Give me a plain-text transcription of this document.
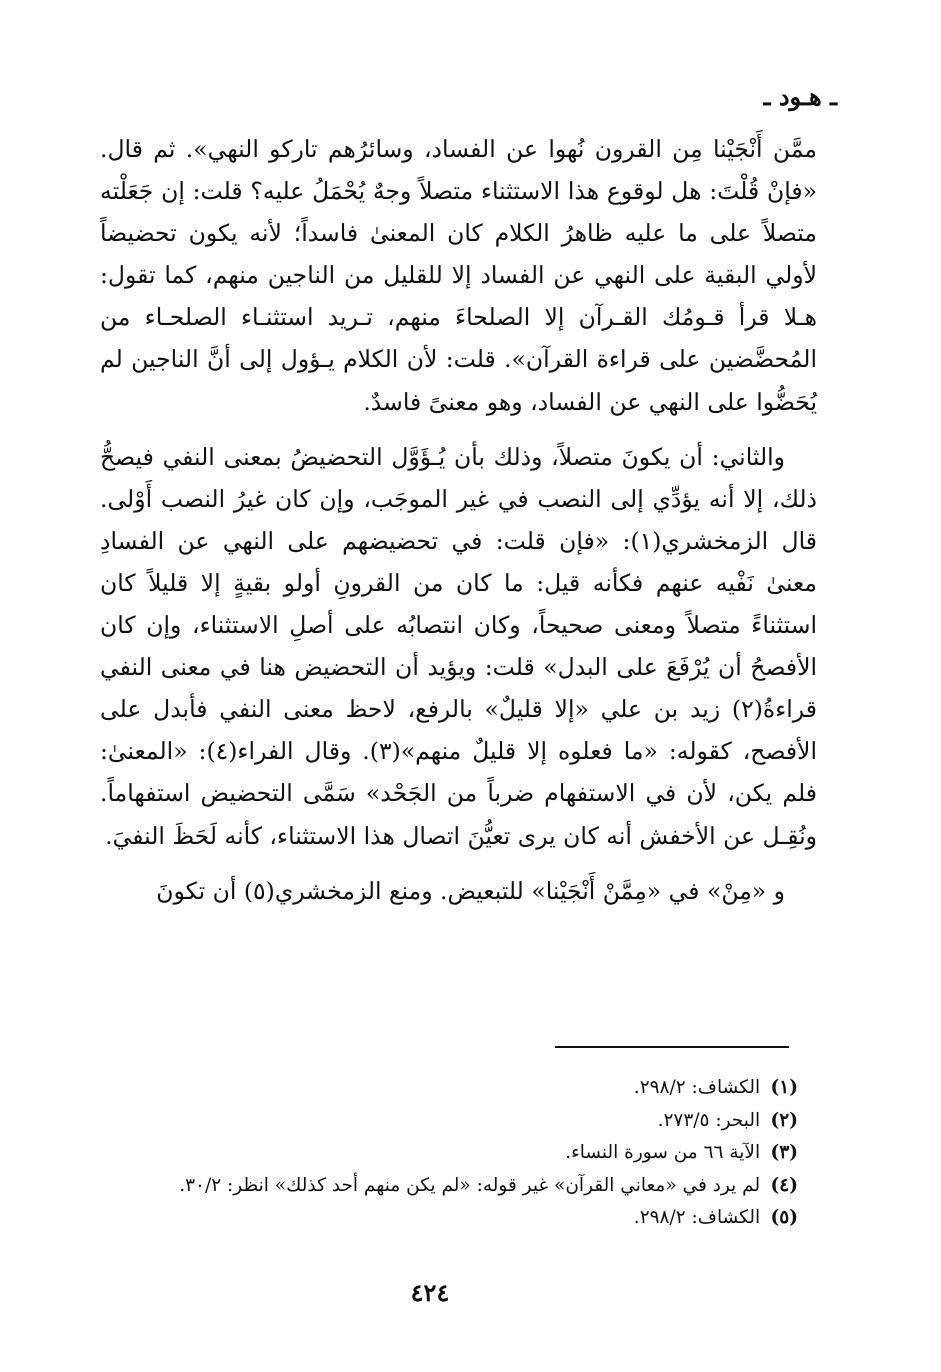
ـ هـود ـ

ممَّن أَنْجَيْنا مِن القرون نُهوا عن الفساد، وسائرُهم تاركو النهي». ثم قال. «فإنْ قُلْتَ: هل لوقوع هذا الاستثناء متصلاً وجهٌ يُحْمَلُ عليه؟ قلت: إن جَعَلْته متصلاً على ما عليه ظاهرُ الكلام كان المعنىٰ فاسداً؛ لأنه يكون تحضيضاً لأولي البقية على النهي عن الفساد إلا للقليل من الناجين منهم، كما تقول: هـلا قرأ قـومُك القـرآن إلا الصلحاءَ منهم، تـريد استثنـاء الصلحـاء من المُحضَّضين على قراءة القرآن». قلت: لأن الكلام يـؤول إلى أنَّ الناجين لم يُحَضُّوا على النهي عن الفساد، وهو معنىً فاسدٌ.

والثاني: أن يكونَ متصلاً، وذلك بأن يُـؤَوَّل التحضيضُ بمعنى النفي فيصحُّ ذلك، إلا أنه يؤدِّي إلى النصب في غير الموجَب، وإن كان غيرُ النصب أَوْلى. قال الزمخشري(١): «فإن قلت: في تحضيضهم على النهي عن الفسادِ معنىٰ نَفْيه عنهم فكأنه قيل: ما كان من القرونِ أولو بقيةٍ إلا قليلاً كان استثناءً متصلاً ومعنى صحيحاً، وكان انتصابُه على أصلِ الاستثناء، وإن كان الأفصحُ أن يُرْفَعَ على البدل» قلت: ويؤيد أن التحضيض هنا في معنى النفي قراءةُ(٢) زيد بن علي «إلا قليلٌ» بالرفع، لاحظ معنى النفي فأبدل على الأفصح، كقوله: «ما فعلوه إلا قليلٌ منهم»(٣). وقال الفراء(٤): «المعنىٰ: فلم يكن، لأن في الاستفهام ضرباً من الجَحْد» سَمَّى التحضيض استفهاماً. ونُقِـل عن الأخفش أنه كان يرى تعيُّنَ اتصال هذا الاستثناء، كأنه لَحَظَ النفيَ.

و «مِنْ» في «مِمَّنْ أَنْجَيْنا» للتبعيض. ومنع الزمخشري(٥) أن تكونَ

(١) الكشاف: ٢٩٨/٢.

(٢) البحر: ٢٧٣/٥.

(٣) الآية ٦٦ من سورة النساء.

(٤) لم يرد في «معاني القرآن» غير قوله: «لم يكن منهم أحد كذلك» انظر: ٣٠/٢.

(٥) الكشاف: ٢٩٨/٢.

٤٢٤
